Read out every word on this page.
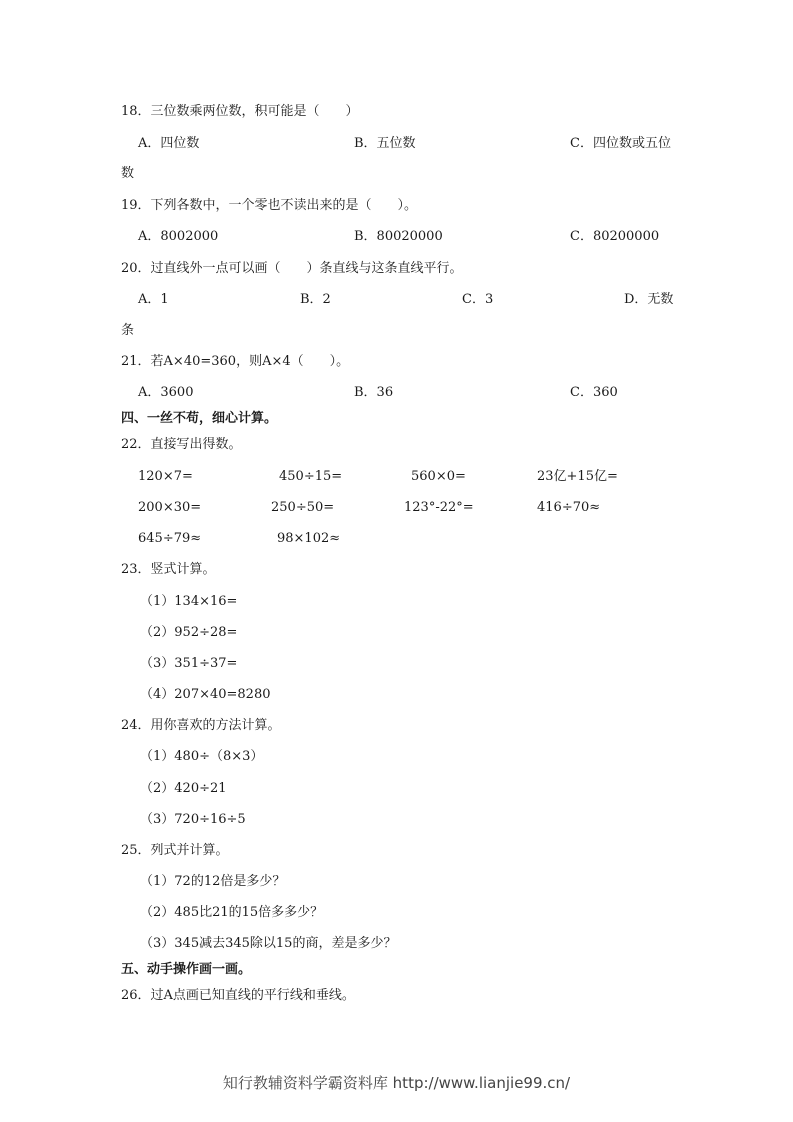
18．三位数乘两位数，积可能是（　　）
A．四位数	B．五位数	C．四位数或五位
数
19．下列各数中，一个零也不读出来的是（　　）。
A．8002000	B．80020000	C．80200000
20．过直线外一点可以画（　　）条直线与这条直线平行。
A．1	B．2	C．3	D．无数
条
21．若A×40=360，则A×4（　　）。
A．3600	B．36	C．360
四、一丝不苟，细心计算。
22．直接写出得数。
120×7=	450÷15=	560×0=	23亿+15亿=
200×30=	250÷50=	123°-22°=	416÷70≈
645÷79≈	98×102≈
23．竖式计算。
（1）134×16=
（2）952÷28=
（3）351÷37=
（4）207×40=8280
24．用你喜欢的方法计算。
（1）480÷（8×3）
（2）420÷21
（3）720÷16÷5
25．列式并计算。
（1）72的12倍是多少？
（2）485比21的15倍多多少？
（3）345减去345除以15的商，差是多少？
五、动手操作画一画。
26．过A点画已知直线的平行线和垂线。
知行教辅资料学霸资料库 http://www.lianjie99.cn/
